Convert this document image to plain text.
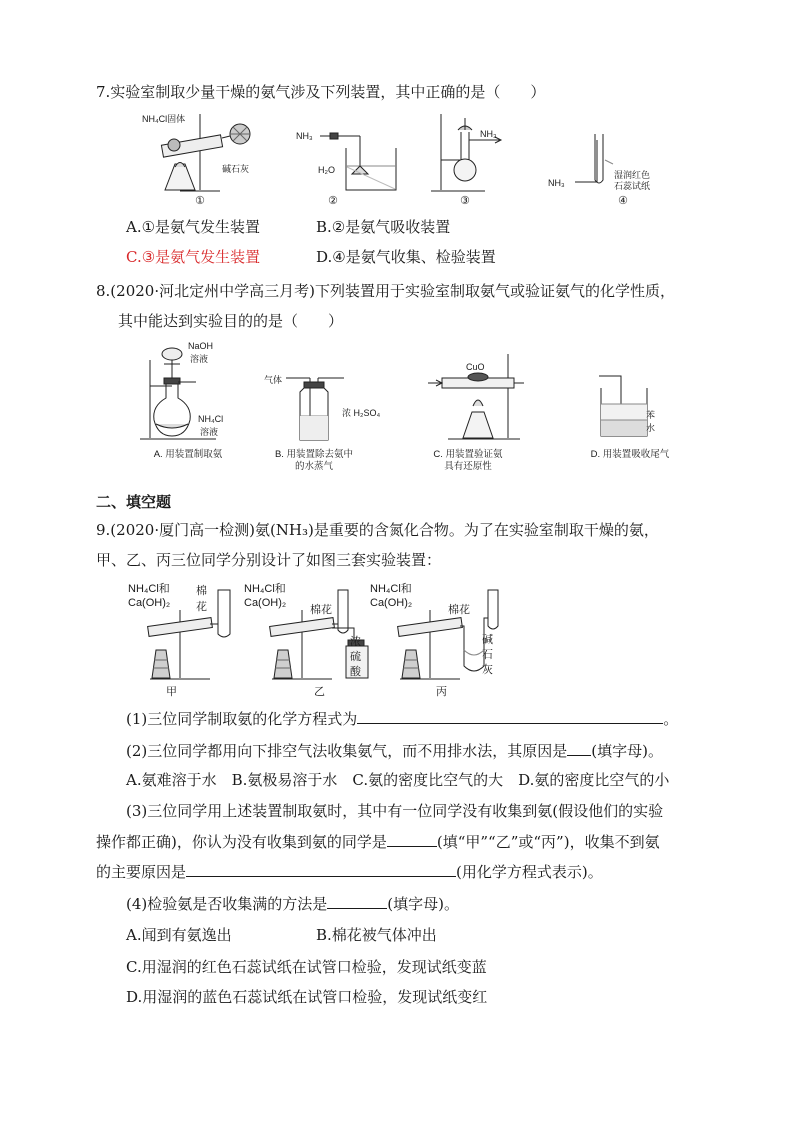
7.实验室制取少量干燥的氨气涉及下列装置，其中正确的是（　　）
NH₄Cl固体
碱石灰
①
NH₃
H₂O
②
NH₃
③
NH₃
湿润红色
石蕊试纸
④
A.①是氨气发生装置	B.②是氨气吸收装置
C.③是氨气发生装置	D.④是氨气收集、检验装置
8.(2020·河北定州中学高三月考)下列装置用于实验室制取氨气或验证氨气的化学性质，
其中能达到实验目的的是（　　）
NaOH
溶液
NH₄Cl
溶液
A. 用装置制取氨
气体
浓 H₂SO₄
B. 用装置除去氨中
的水蒸气
CuO
C. 用装置验证氨
具有还原性
苯
水
D. 用装置吸收尾气
二、填空题
9.(2020·厦门高一检测)氨(NH₃)是重要的含氮化合物。为了在实验室制取干燥的氨，
甲、乙、丙三位同学分别设计了如图三套实验装置：
NH₄Cl和
Ca(OH)₂
棉
花
甲
NH₄Cl和
Ca(OH)₂
棉花
浓
硫
酸
乙
NH₄Cl和
Ca(OH)₂
棉花
碱
石
灰
丙
(1)三位同学制取氨的化学方程式为	。
(2)三位同学都用向下排空气法收集氨气，而不用排水法，其原因是 (填字母)。
A.氨难溶于水　B.氨极易溶于水　C.氨的密度比空气的大　D.氨的密度比空气的小
(3)三位同学用上述装置制取氨时，其中有一位同学没有收集到氨(假设他们的实验
操作都正确)，你认为没有收集到氨的同学是	(填“甲”“乙”或“丙”)，收集不到氨
的主要原因是	(用化学方程式表示)。
(4)检验氨是否收集满的方法是	(填字母)。
A.闻到有氨逸出	B.棉花被气体冲出
C.用湿润的红色石蕊试纸在试管口检验，发现试纸变蓝
D.用湿润的蓝色石蕊试纸在试管口检验，发现试纸变红
